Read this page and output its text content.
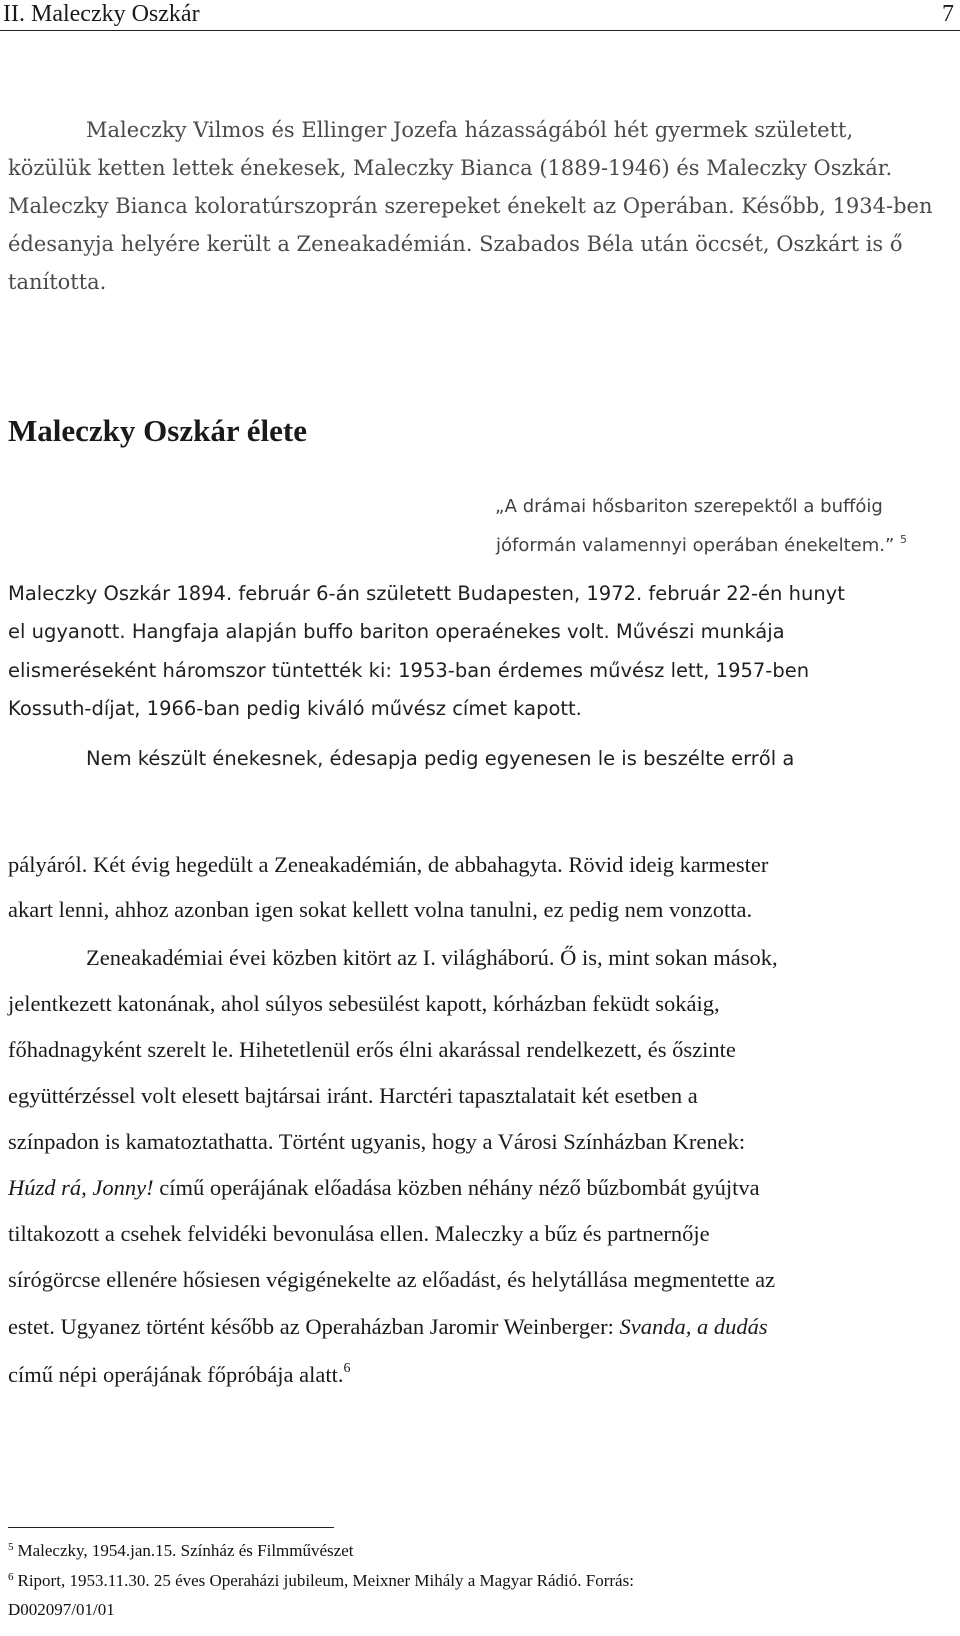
II. Maleczky Oszkár	7
Maleczky Vilmos és Ellinger Jozefa házasságából hét gyermek született,
közülük ketten lettek énekesek, Maleczky Bianca (1889-1946) és Maleczky Oszkár.
Maleczky Bianca koloratúrszoprán szerepeket énekelt az Operában. Később, 1934-ben
édesanyja helyére került a Zeneakadémián. Szabados Béla után öccsét, Oszkárt is ő
tanította.
Maleczky Oszkár élete
„A drámai hősbariton szerepektől a buffóig
jóformán valamennyi operában énekeltem.” $^5$
Maleczky Oszkár 1894. február 6-án született Budapesten, 1972. február 22-én hunyt
el ugyanott. Hangfaja alapján buffo bariton operaénekes volt. Művészi munkája
elismeréseként háromszor tüntették ki: 1953-ban érdemes művész lett, 1957-ben
Kossuth-díjat, 1966-ban pedig kiváló művész címet kapott.
Nem készült énekesnek, édesapja pedig egyenesen le is beszélte erről a
pályáról. Két évig hegedült a Zeneakadémián, de abbahagyta. Rövid ideig karmester
akart lenni, ahhoz azonban igen sokat kellett volna tanulni, ez pedig nem vonzotta.
Zeneakadémiai évei közben kitört az I. világháború. Ő is, mint sokan mások,
jelentkezett katonának, ahol súlyos sebesülést kapott, kórházban feküdt sokáig,
főhadnagyként szerelt le. Hihetetlenül erős élni akarással rendelkezett, és őszinte
együttérzéssel volt elesett bajtársai iránt. Harctéri tapasztalatait két esetben a
színpadon is kamatoztathatta. Történt ugyanis, hogy a Városi Színházban Krenek:
Húzd rá, Jonny! című operájának előadása közben néhány néző bűzbombát gyújtva
tiltakozott a csehek felvidéki bevonulása ellen. Maleczky a bűz és partnernője
sírógörcse ellenére hősiesen végigénekelte az előadást, és helytállása megmentette az
estet. Ugyanez történt később az Operaházban Jaromir Weinberger: Svanda, a dudás
című népi operájának főpróbája alatt.$^6$
$^5$ Maleczky, 1954.jan.15. Színház és Filmművészet
$^6$ Riport, 1953.11.30. 25 éves Operaházi jubileum, Meixner Mihály a Magyar Rádió. Forrás:
D002097/01/01
